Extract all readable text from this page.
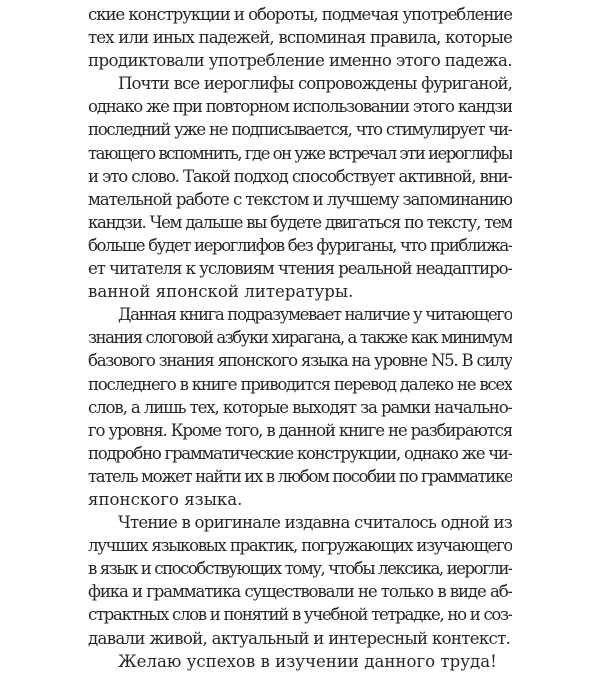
ские конструкции и обороты, подмечая употребление
тех или иных падежей, вспоминая правила, которые
продиктовали употребление именно этого падежа.
Почти все иероглифы сопровождены фуриганой,
однако же при повторном использовании этого кандзи
последний уже не подписывается, что стимулирует чи-
тающего вспомнить, где он уже встречал эти иероглифы
и это слово. Такой подход способствует активной, вни-
мательной работе с текстом и лучшему запоминанию
кандзи. Чем дальше вы будете двигаться по тексту, тем
больше будет иероглифов без фуриганы, что приближа-
ет читателя к условиям чтения реальной неадаптиро-
ванной японской литературы.
Данная книга подразумевает наличие у читающего
знания слоговой азбуки хирагана, а также как минимум
базового знания японского языка на уровне N5. В силу
последнего в книге приводится перевод далеко не всех
слов, а лишь тех, которые выходят за рамки начально-
го уровня. Кроме того, в данной книге не разбираются
подробно грамматические конструкции, однако же чи-
татель может найти их в любом пособии по грамматике
японского языка.
Чтение в оригинале издавна считалось одной из
лучших языковых практик, погружающих изучающего
в язык и способствующих тому, чтобы лексика, иерогли-
фика и грамматика существовали не только в виде аб-
страктных слов и понятий в учебной тетрадке, но и соз-
давали живой, актуальный и интересный контекст.
Желаю успехов в изучении данного труда!
